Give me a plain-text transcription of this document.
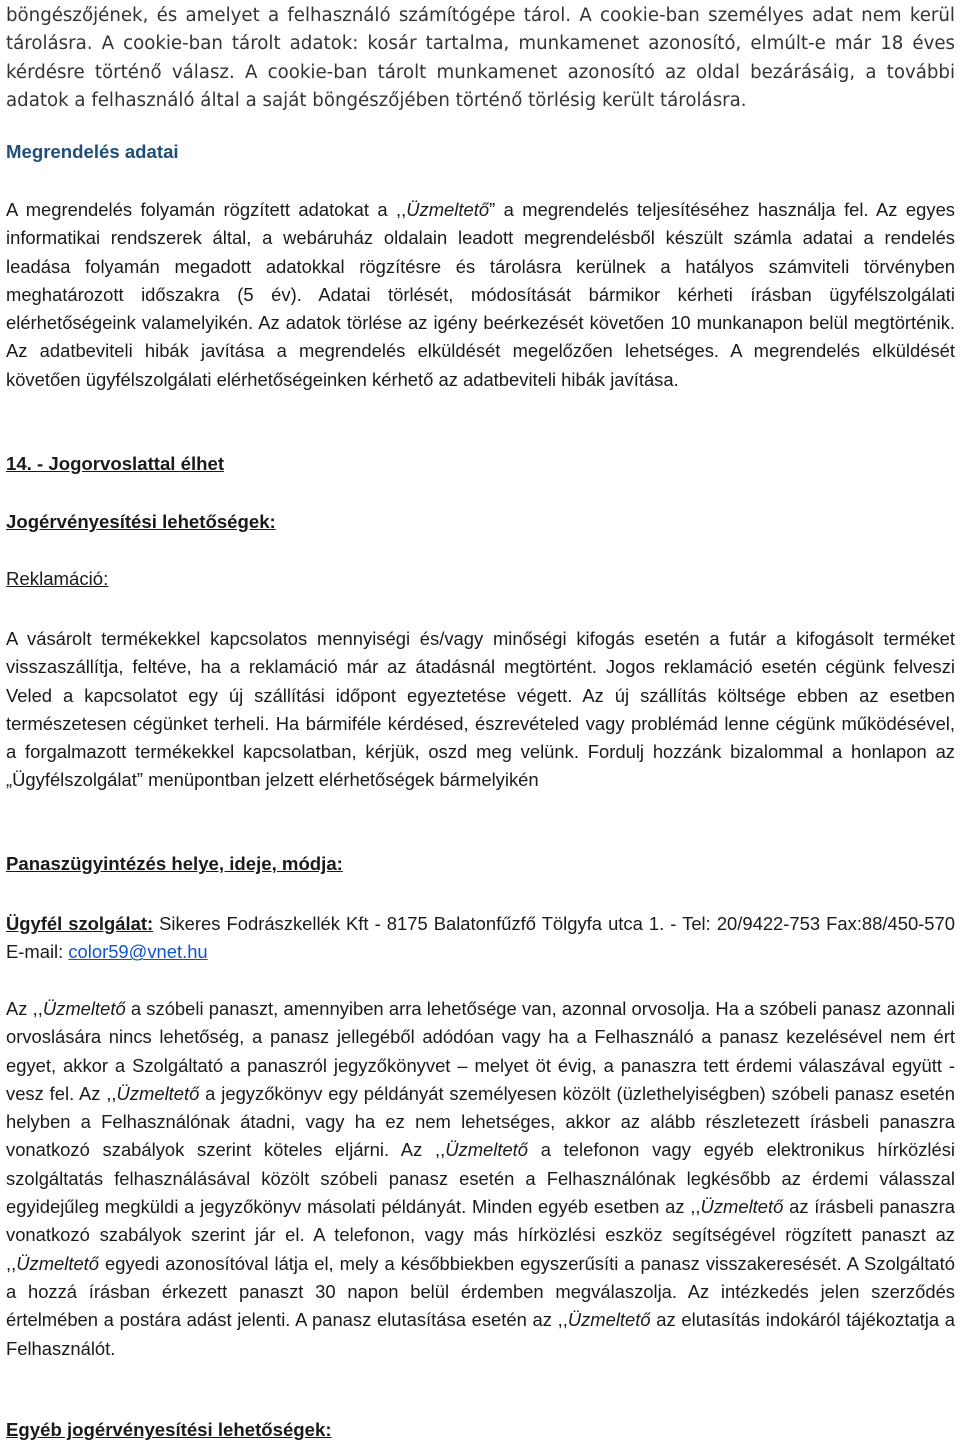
böngészőjének, és amelyet a felhasználó számítógépe tárol. A cookie-ban személyes adat nem kerül tárolásra. A cookie-ban tárolt adatok: kosár tartalma, munkamenet azonosító, elmúlt-e már 18 éves kérdésre történő válasz. A cookie-ban tárolt munkamenet azonosító az oldal bezárásáig, a további adatok a felhasználó által a saját böngészőjében történő törlésig került tárolásra.

Megrendelés adatai

A megrendelés folyamán rögzített adatokat a ,,Üzmeltető” a megrendelés teljesítéséhez használja fel. Az egyes informatikai rendszerek által, a webáruház oldalain leadott megrendelésből készült számla adatai a rendelés leadása folyamán megadott adatokkal rögzítésre és tárolásra kerülnek a hatályos számviteli törvényben meghatározott időszakra (5 év). Adatai törlését, módosítását bármikor kérheti írásban ügyfélszolgálati elérhetőségeink valamelyikén. Az adatok törlése az igény beérkezését követően 10 munkanapon belül megtörténik. Az adatbeviteli hibák javítása a megrendelés elküldését megelőzően lehetséges. A megrendelés elküldését követően ügyfélszolgálati elérhetőségeinken kérhető az adatbeviteli hibák javítása.

14. - Jogorvoslattal élhet
Jogérvényesítési lehetőségek:
Reklamáció:

A vásárolt termékekkel kapcsolatos mennyiségi és/vagy minőségi kifogás esetén a futár a kifogásolt terméket visszaszállítja, feltéve, ha a reklamáció már az átadásnál megtörtént. Jogos reklamáció esetén cégünk felveszi Veled a kapcsolatot egy új szállítási időpont egyeztetése végett. Az új szállítás költsége ebben az esetben természetesen cégünket terheli. Ha bármiféle kérdésed, észrevételed vagy problémád lenne cégünk működésével, a forgalmazott termékekkel kapcsolatban, kérjük, oszd meg velünk. Fordulj hozzánk bizalommal a honlapon az „Ügyfélszolgálat” menüpontban jelzett elérhetőségek bármelyikén

Panaszügyintézés helye, ideje, módja:

Ügyfél szolgálat: Sikeres Fodrászkellék Kft - 8175 Balatonfűzfő Tölgyfa utca 1. - Tel: 20/9422-753 Fax:88/450-570 E-mail: color59@vnet.hu

Az ,,Üzmeltető a szóbeli panaszt, amennyiben arra lehetősége van, azonnal orvosolja. Ha a szóbeli panasz azonnali orvoslására nincs lehetőség, a panasz jellegéből adódóan vagy ha a Felhasználó a panasz kezelésével nem ért egyet, akkor a Szolgáltató a panaszról jegyzőkönyvet – melyet öt évig, a panaszra tett érdemi válaszával együtt - vesz fel. Az ,,Üzmeltető a jegyzőkönyv egy példányát személyesen közölt (üzlethelyiségben) szóbeli panasz esetén helyben a Felhasználónak átadni, vagy ha ez nem lehetséges, akkor az alább részletezett írásbeli panaszra vonatkozó szabályok szerint köteles eljárni. Az ,,Üzmeltető a telefonon vagy egyéb elektronikus hírközlési szolgáltatás felhasználásával közölt szóbeli panasz esetén a Felhasználónak legkésőbb az érdemi válasszal egyidejűleg megküldi a jegyzőkönyv másolati példányát. Minden egyéb esetben az ,,Üzmeltető az írásbeli panaszra vonatkozó szabályok szerint jár el. A telefonon, vagy más hírközlési eszköz segítségével rögzített panaszt az ,,Üzmeltető egyedi azonosítóval látja el, mely a későbbiekben egyszerűsíti a panasz visszakeresését. A Szolgáltató a hozzá írásban érkezett panaszt 30 napon belül érdemben megválaszolja. Az intézkedés jelen szerződés értelmében a postára adást jelenti. A panasz elutasítása esetén az ,,Üzmeltető az elutasítás indokáról tájékoztatja a Felhasználót.

Egyéb jogérvényesítési lehetőségek:
